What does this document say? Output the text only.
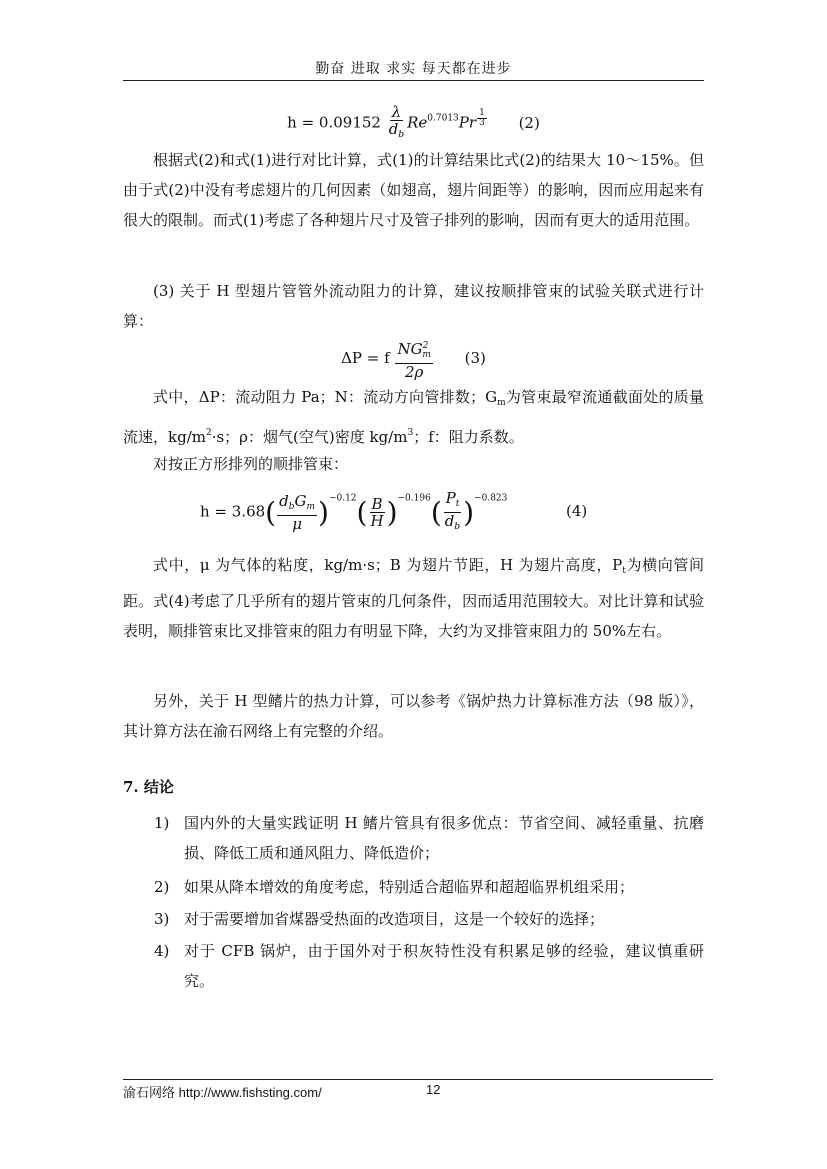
勤奋 进取 求实 每天都在进步
$h = 0.09152 \frac{\lambda}{d_b} Re^{0.7013}Pr$ $^{\frac{1}{3}}$ (2)
根据式(2)和式(1)进行对比计算，式(1)的计算结果比式(2)的结果大 10～15%。但由于式(2)中没有考虑翅片的几何因素（如翅高，翅片间距等）的影响，因而应用起来有很大的限制。而式(1)考虑了各种翅片尺寸及管子排列的影响，因而有更大的适用范围。
(3) 关于 H 型翅片管管外流动阻力的计算，建议按顺排管束的试验关联式进行计算：
ΔP = f $\frac{NG^2_m}{2\rho} (3)$
式中，ΔP：流动阻力 Pa；N：流动方向管排数；$G_m$为管束最窄流通截面处的质量流速，$kg/m^2\cdot s$；ρ：烟气(空气)密度 $kg/m^3$；f：阻力系数。
对按正方形排列的顺排管束：
$h = 3.68( \frac{d_bG_m}{\mu} )^{-0.12}( \frac{B}{H} )^{-0.196}( \frac{P_t}{d_b} )^{-0.823}$
(4)
式中，μ 为气体的粘度，kg/m·s；B 为翅片节距，H 为翅片高度，$P_t$为横向管间距。式(4)考虑了几乎所有的翅片管束的几何条件，因而适用范围较大。对比计算和试验表明，顺排管束比叉排管束的阻力有明显下降，大约为叉排管束阻力的 50%左右。
另外，关于 H 型鳍片的热力计算，可以参考《锅炉热力计算标准方法（98 版）》，其计算方法在渝石网络上有完整的介绍。
7. 结论
1) 国内外的大量实践证明 H 鳍片管具有很多优点：节省空间、减轻重量、抗磨损、降低工质和通风阻力、降低造价；
2) 如果从降本增效的角度考虑，特别适合超临界和超超临界机组采用；
3) 对于需要增加省煤器受热面的改造项目，这是一个较好的选择；
4) 对于 CFB 锅炉，由于国外对于积灰特性没有积累足够的经验，建议慎重研究。
渝石网络 http://www.fishsting.com/	12
